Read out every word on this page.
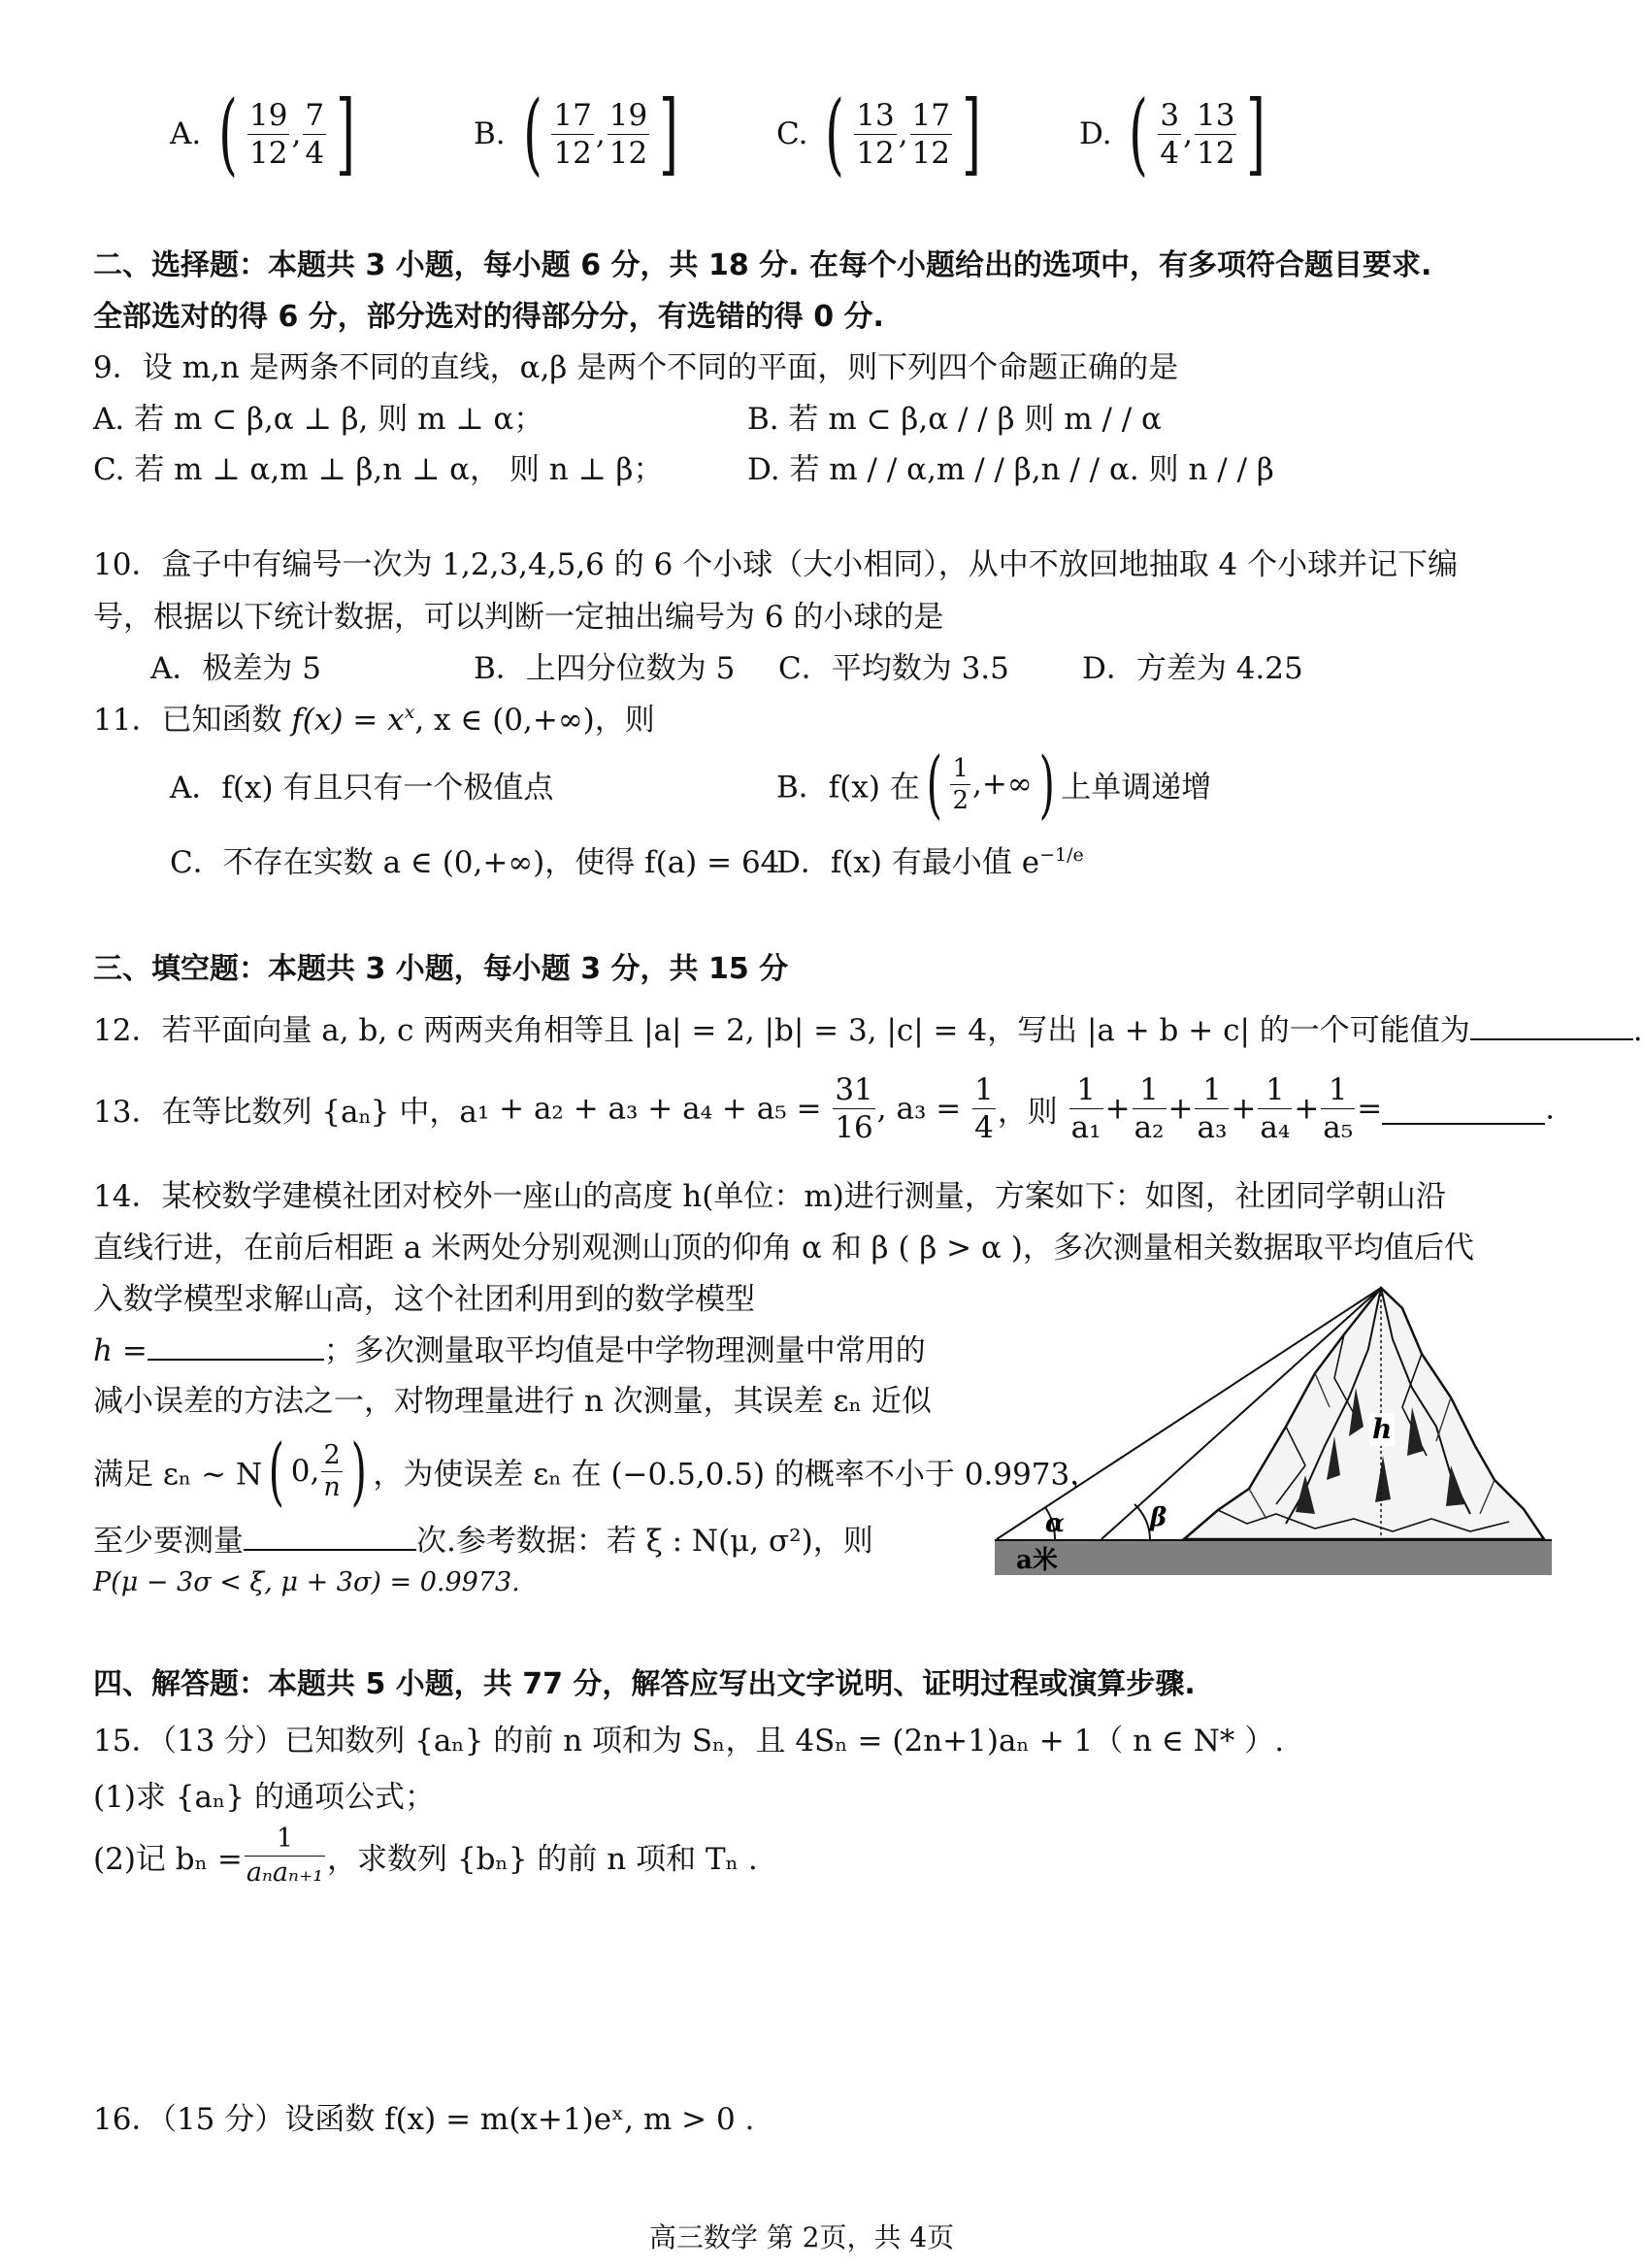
A. ( $\frac{19}{12}$ , $\frac{7}{4}$ ]	B. ( $\frac{17}{12}$ , $\frac{19}{12}$ ]	C. ( $\frac{13}{12}$ , $\frac{17}{12}$ ]	D. ( $\frac{3}{4}$ , $\frac{13}{12}$ ]
二、选择题：本题共 3 小题，每小题 6 分，共 18 分. 在每个小题给出的选项中，有多项符合题目要求.
全部选对的得 6 分，部分选对的得部分分，有选错的得 0 分.
9．设 m,n 是两条不同的直线，α,β 是两个不同的平面，则下列四个命题正确的是
A. 若 m ⊂ β,α ⊥ β, 则 m ⊥ α；	B. 若 m ⊂ β,α / / β 则 m / / α
C. 若 m ⊥ α,m ⊥ β,n ⊥ α， 则 n ⊥ β；	D. 若 m / / α,m / / β,n / / α. 则 n / / β
10．盒子中有编号一次为 1,2,3,4,5,6 的 6 个小球（大小相同），从中不放回地抽取 4 个小球并记下编
号，根据以下统计数据，可以判断一定抽出编号为 6 的小球的是
A．极差为 5	B．上四分位数为 5 C．平均数为 3.5 D．方差为 4.25
11．已知函数 $f(x) = x^x$, x ∈ (0,+∞)，则
A．f(x) 有且只有一个极值点	B．f(x) 在( $\frac{1}{2}$ ,+∞) 上单调递增
C．不存在实数 a ∈ (0,+∞)，使得 f(a) = 64
D．f(x) 有最小值 $e^{-1/e}$
三、填空题：本题共 3 小题，每小题 3 分，共 15 分
12．若平面向量 a, b, c 两两夹角相等且 |a| = 2, |b| = 3, |c| = 4，写出 |a + b + c| 的一个可能值为	.
13．在等比数列 $\{a_n\}$ 中，$a_1 + a_2 + a_3 + a_4 + a_5 = \frac{31}{16}$ , $a_3 = \frac{1}{4}$ ，则 $\frac{1}{\text{a₁}} + \frac{1}{\text{a₂}} + \frac{1}{\text{a₃}} + \frac{1}{\text{a₄}} + \frac{1}{\text{a₅}}$ =	.
14．某校数学建模社团对校外一座山的高度 h(单位：m)进行测量，方案如下：如图，社团同学朝山沿
直线行进，在前后相距 a 米两处分别观测山顶的仰角 α 和 β ( β > α )，多次测量相关数据取平均值后代
入数学模型求解山高，这个社团利用到的数学模型
h =	；多次测量取平均值是中学物理测量中常用的
减小误差的方法之一，对物理量进行 n 次测量，其误差 εₙ 近似
满足 εₙ ~ N( 0, $\frac{2}{n}$ ) ，为使误差 εₙ 在 (−0.5,0.5) 的概率不小于 0.9973，
至少要测量	次.参考数据：若 ξ : N(μ, σ²)，则
P(μ − 3σ < ξ, μ + 3σ) = 0.9973.
α	β
h
a米
四、解答题：本题共 5 小题，共 77 分，解答应写出文字说明、证明过程或演算步骤.
15．（13 分）已知数列 {aₙ} 的前 n 项和为 Sₙ，且 4Sₙ = (2n+1)aₙ + 1（ n ∈ N* ）.
(1)求 {aₙ} 的通项公式；
(2)记 $b_n = \frac{1}{\text{aₙaₙ₊₁}}$ ，求数列 {bₙ} 的前 n 项和 Tₙ .
16．（15 分）设函数 f(x) = m(x+1)eˣ, m > 0 .
高三数学 第 2页，共 4页
